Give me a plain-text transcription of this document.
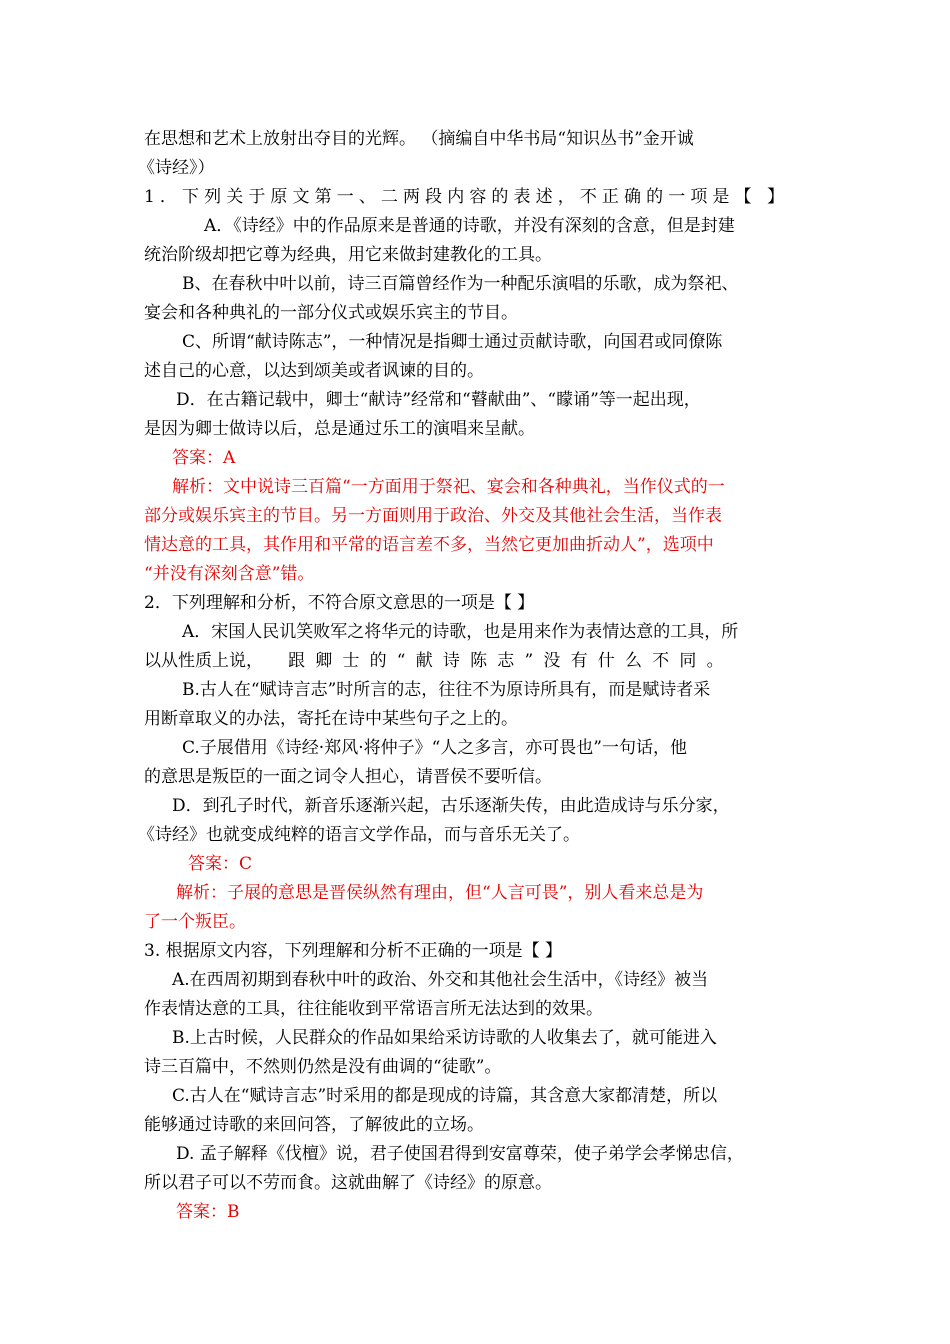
在思想和艺术上放射出夺目的光辉。 （摘编自中华书局“知识丛书”金开诚
《诗经》）
1．下列关于原文第一、二两段内容的表述，不正确的一项是【 】
A．《诗经》中的作品原来是普通的诗歌，并没有深刻的含意，但是封建
统治阶级却把它尊为经典，用它来做封建教化的工具。
B、在春秋中叶以前，诗三百篇曾经作为一种配乐演唱的乐歌，成为祭祀、
宴会和各种典礼的一部分仪式或娱乐宾主的节目。
C、所谓“献诗陈志”，一种情况是指卿士通过贡献诗歌，向国君或同僚陈
述自己的心意，以达到颂美或者讽谏的目的。
D．在古籍记载中，卿士“献诗”经常和“瞽献曲”、“矇诵”等一起出现，
是因为卿士做诗以后，总是通过乐工的演唱来呈献。
答案：A
解析：文中说诗三百篇“一方面用于祭祀、宴会和各种典礼，当作仪式的一
部分或娱乐宾主的节目。另一方面则用于政治、外交及其他社会生活，当作表
情达意的工具，其作用和平常的语言差不多，当然它更加曲折动人”，选项中
“并没有深刻含意”错。
2．下列理解和分析，不符合原文意思的一项是【 】
A．宋国人民讥笑败军之将华元的诗歌，也是用来作为表情达意的工具，所
以从性质上说， 跟卿士的“献诗陈志”没有什么不同。
B.古人在“赋诗言志”时所言的志，往往不为原诗所具有，而是赋诗者采
用断章取义的办法，寄托在诗中某些句子之上的。
C.子展借用《诗经·郑风·将仲子》“人之多言，亦可畏也”一句话，他
的意思是叛臣的一面之词令人担心，请晋侯不要听信。
D．到孔子时代，新音乐逐渐兴起，古乐逐渐失传，由此造成诗与乐分家，
《诗经》也就变成纯粹的语言文学作品，而与音乐无关了。
答案：C
解析：子展的意思是晋侯纵然有理由，但“人言可畏”，别人看来总是为
了一个叛臣。
3. 根据原文内容，下列理解和分析不正确的一项是【 】
A.在西周初期到春秋中叶的政治、外交和其他社会生活中，《诗经》被当
作表情达意的工具，往往能收到平常语言所无法达到的效果。
B.上古时候，人民群众的作品如果给采访诗歌的人收集去了，就可能进入
诗三百篇中，不然则仍然是没有曲调的“徒歌”。
C.古人在“赋诗言志”时采用的都是现成的诗篇，其含意大家都清楚，所以
能够通过诗歌的来回问答，了解彼此的立场。
D. 孟子解释《伐檀》说，君子使国君得到安富尊荣，使子弟学会孝悌忠信，
所以君子可以不劳而食。这就曲解了《诗经》的原意。
答案：B
